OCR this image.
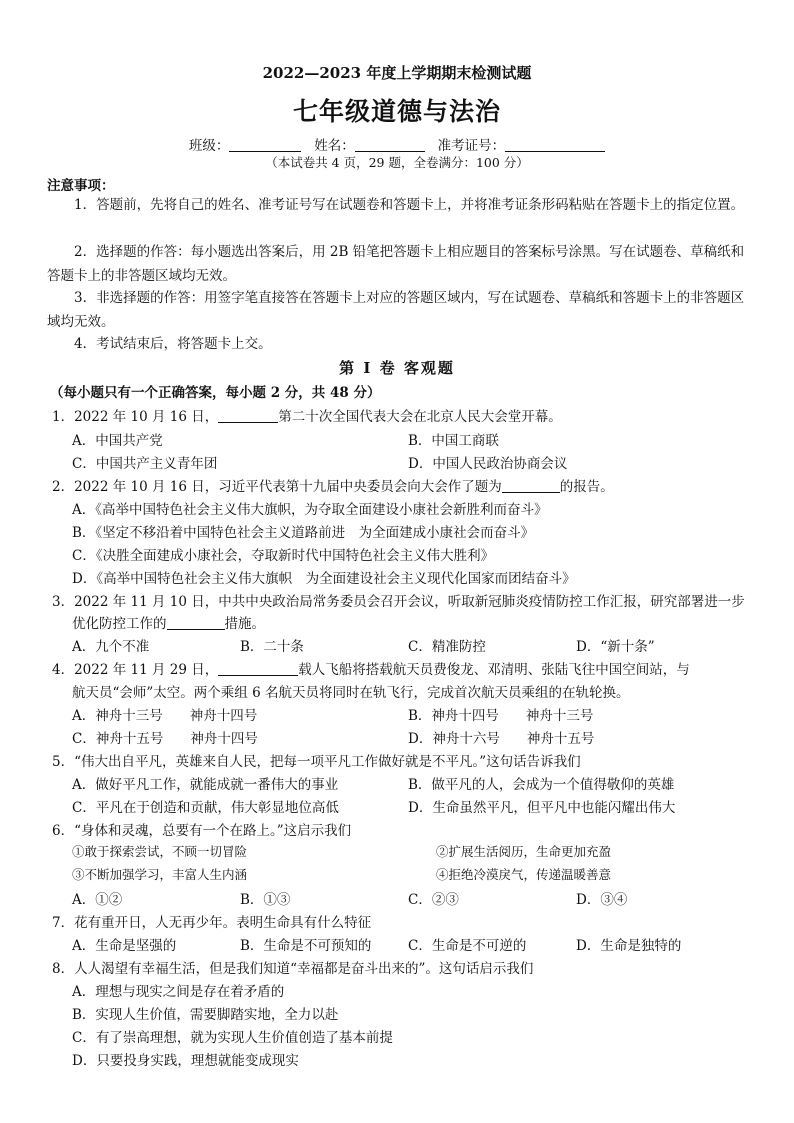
2022—2023 年度上学期期末检测试题
七年级道德与法治
班级：	姓名：	准考证号：
（本试卷共 4 页，29 题，全卷满分：100 分）
注意事项：
1．答题前，先将自己的姓名、准考证号写在试题卷和答题卡上，并将准考证条形码粘贴在答题卡上的指定位置。
2．选择题的作答：每小题选出答案后，用 2B 铅笔把答题卡上相应题目的答案标号涂黑。写在试题卷、草稿纸和答题卡上的非答题区域均无效。
3．非选择题的作答：用签字笔直接答在答题卡上对应的答题区域内，写在试题卷、草稿纸和答题卡上的非答题区域均无效。
4．考试结束后，将答题卡上交。
第 I 卷 客观题
（每小题只有一个正确答案，每小题 2 分，共 48 分）
1．2022 年 10 月 16 日，	第二十次全国代表大会在北京人民大会堂开幕。
A．中国共产党	B．中国工商联
C．中国共产主义青年团	D．中国人民政治协商会议
2．2022 年 10 月 16 日，习近平代表第十九届中央委员会向大会作了题为	的报告。
A．《高举中国特色社会主义伟大旗帜，为夺取全面建设小康社会新胜利而奋斗》
B．《坚定不移沿着中国特色社会主义道路前进　为全面建成小康社会而奋斗》
C．《决胜全面建成小康社会，夺取新时代中国特色社会主义伟大胜利》
D．《高举中国特色社会主义伟大旗帜　为全面建设社会主义现代化国家而团结奋斗》
3．2022 年 11 月 10 日，中共中央政治局常务委员会召开会议，听取新冠肺炎疫情防控工作汇报，研究部署进一步
优化防控工作的	措施。
A．九个不准	B．二十条	C．精准防控	D．“新十条”
4．2022 年 11 月 29 日，	载人飞船将搭载航天员费俊龙、邓清明、张陆飞往中国空间站，与
航天员“会师”太空。两个乘组 6 名航天员将同时在轨飞行，完成首次航天员乘组的在轨轮换。
A．神舟十三号　　神舟十四号	B．神舟十四号　　神舟十三号
C．神舟十五号　　神舟十四号	D．神舟十六号　　神舟十五号
5．“伟大出自平凡，英雄来自人民，把每一项平凡工作做好就是不平凡。”这句话告诉我们
A．做好平凡工作，就能成就一番伟大的事业	B．做平凡的人，会成为一个值得敬仰的英雄
C．平凡在于创造和贡献，伟大彰显地位高低	D．生命虽然平凡，但平凡中也能闪耀出伟大
6．“身体和灵魂，总要有一个在路上。”这启示我们
①敢于探索尝试，不顾一切冒险	②扩展生活阅历，生命更加充盈
③不断加强学习，丰富人生内涵	④拒绝冷漠戾气，传递温暖善意
A．①②	B．①③	C．②③	D．③④
7．花有重开日，人无再少年。表明生命具有什么特征
A．生命是坚强的	B．生命是不可预知的	C．生命是不可逆的	D．生命是独特的
8．人人渴望有幸福生活，但是我们知道“幸福都是奋斗出来的”。这句话启示我们
A．理想与现实之间是存在着矛盾的
B．实现人生价值，需要脚踏实地，全力以赴
C．有了崇高理想，就为实现人生价值创造了基本前提
D．只要投身实践，理想就能变成现实
